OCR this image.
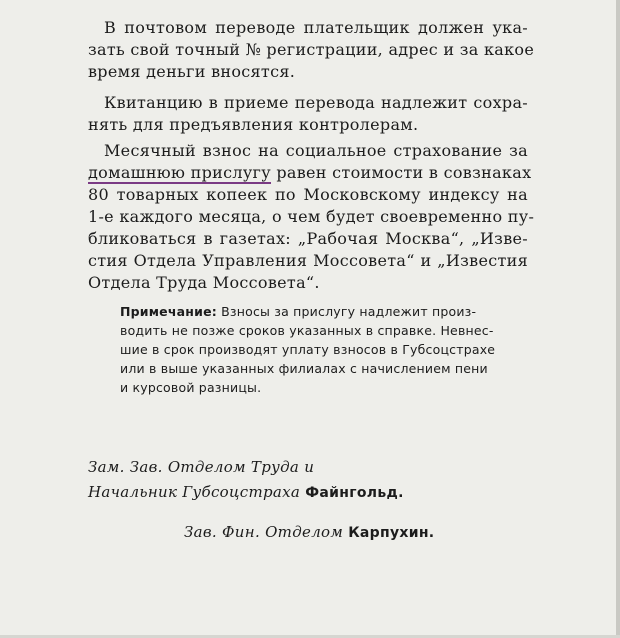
В почтовом переводе плательщик должен ука-
зать свой точный № регистрации, адрес и за какое
время деньги вносятся.
Квитанцию в приеме перевода надлежит сохра-
нять для предъявления контролерам.
Месячный взнос на социальное страхование за
домашнюю прислугу равен стоимости в совзнаках
80 товарных копеек по Московскому индексу на
1-е каждого месяца, о чем будет своевременно пу-
бликоваться в газетах: „Рабочая Москва“, „Изве-
стия Отдела Управления Моссовета“ и „Известия
Отдела Труда Моссовета“.
Примечание: Взносы за прислугу надлежит произ-
водить не позже сроков указанных в справке. Невнес-
шие в срок производят уплату взносов в Губсоцстрахе
или в выше указанных филиалах с начислением пени
и курсовой разницы.

Зам. Зав. Отделом Труда и

Начальник Губсоцстраха Файнгольд.

Зав. Фин. Отделом Карпухин.
